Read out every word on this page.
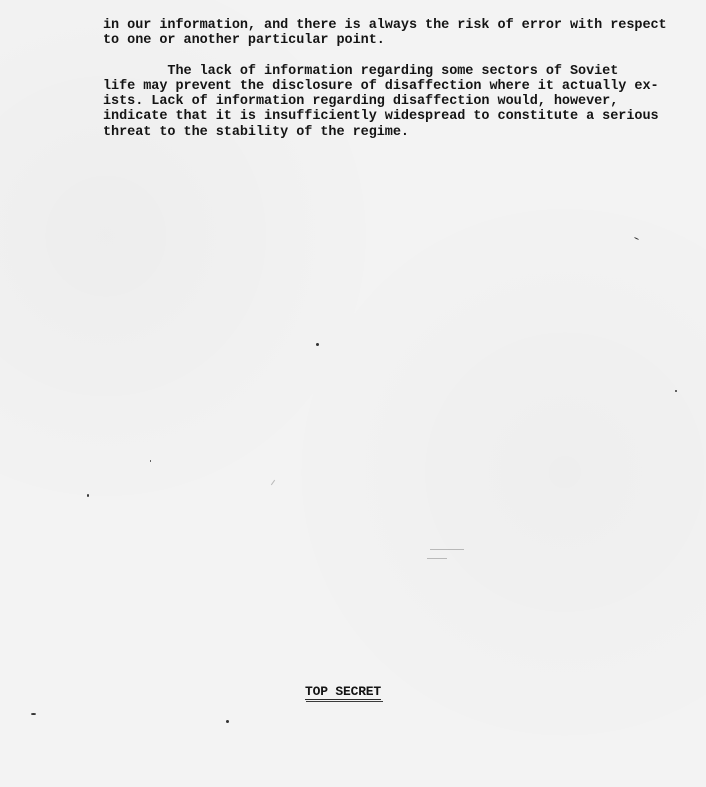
in our information, and there is always the risk of error with respect
to one or another particular point.
The lack of information regarding some sectors of Soviet
life may prevent the disclosure of disaffection where it actually ex-
ists. Lack of information regarding disaffection would, however,
indicate that it is insufficiently widespread to constitute a serious
threat to the stability of the regime.
TOP SECRET
